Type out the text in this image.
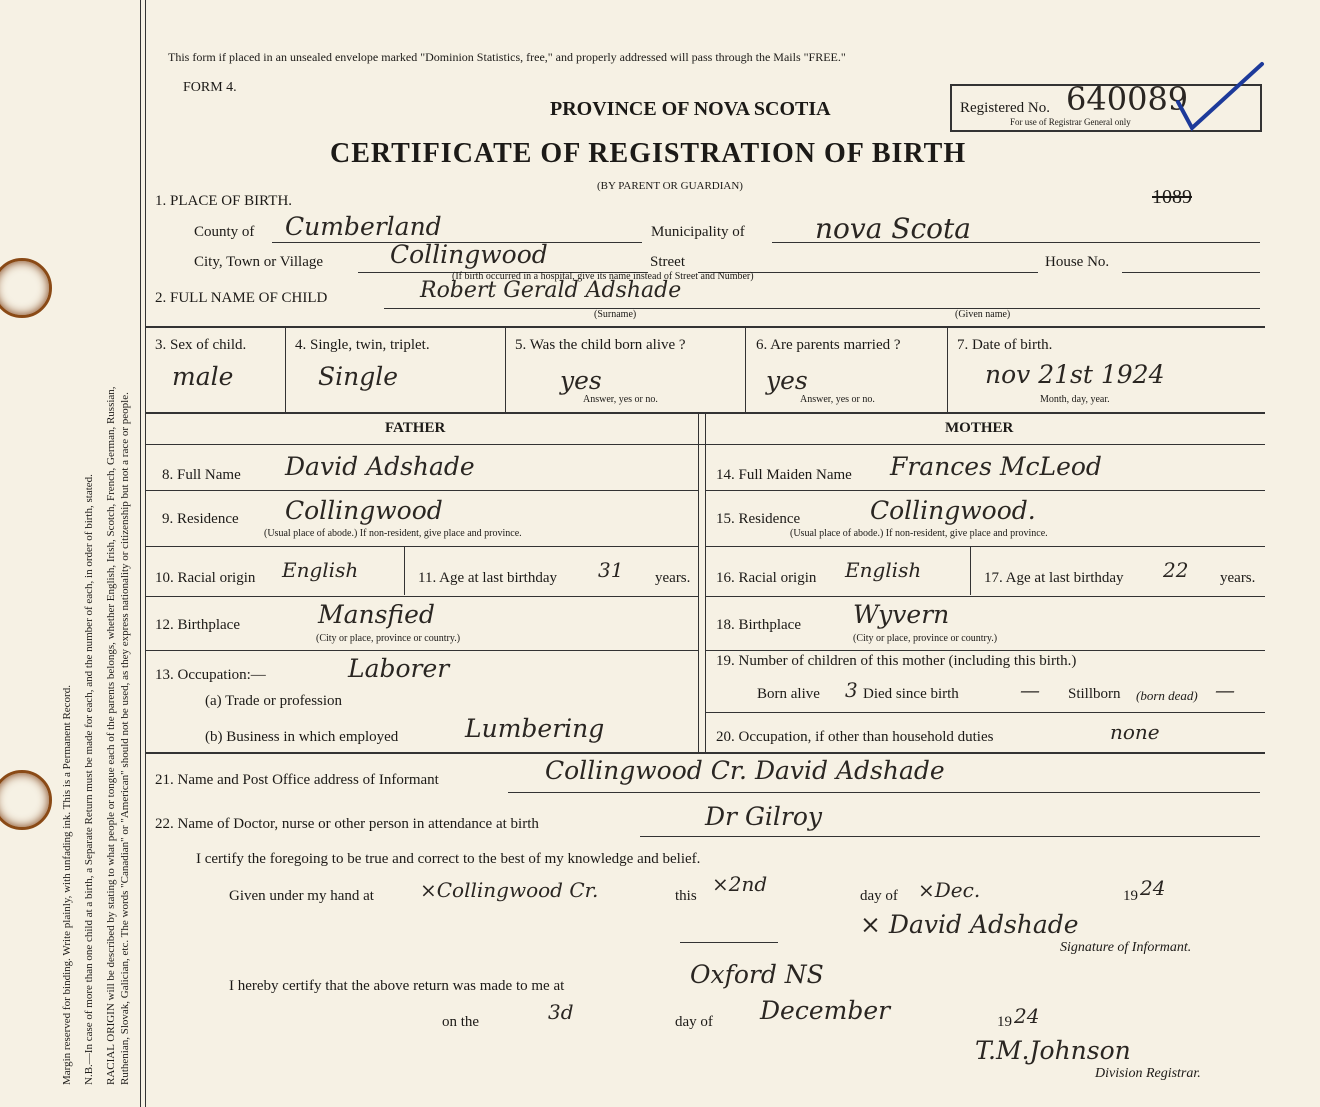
Margin reserved for binding. Write plainly, with unfading ink. This is a Permanent Record. N.B.—In case of more than one child at a birth, a Separate Return must be made for each, and the number of each, in order of birth, stated. RACIAL ORIGIN will be described by stating to what people or tongue each of the parents belongs, whether English, Irish, Scotch, French, German, Russian, Ruthenian, Slovak, Galician, etc. The words "Canadian" or "American" should not be used, as they express nationality or citizenship but not a race or people.
This form if placed in an unsealed envelope marked "Dominion Statistics, free," and properly addressed will pass through the Mails "FREE."
FORM 4.
PROVINCE OF NOVA SCOTIA
CERTIFICATE OF REGISTRATION OF BIRTH
(BY PARENT OR GUARDIAN)
Registered No. 640089
For use of Registrar General only
1089
1. PLACE OF BIRTH.
County of Cumberland	Municipality of	nova Scota
City, Town or Village	Collingwood	Street	House No.
(If birth occurred in a hospital, give its name instead of Street and Number)
2. FULL NAME OF CHILD	Robert Gerald Adshade
(Surname)	(Given name)
3. Sex of child.
male
4. Single, twin, triplet.
Single
5. Was the child born alive ?
yes
Answer, yes or no.
6. Are parents married ?
yes
Answer, yes or no.
7. Date of birth.
nov 21st 1924
Month, day, year.
FATHER	MOTHER
8. Full Name David Adshade
9. Residence Collingwood
(Usual place of abode.) If non-resident, give place and province.
10. Racial origin English	11. Age at last birthday 31 years.
12. Birthplace	Mansfied
(City or place, province or country.)
13. Occupation:—	Laborer
(a) Trade or profession
(b) Business in which employed	Lumbering
14. Full Maiden Name Frances McLeod
15. Residence	Collingwood.
(Usual place of abode.) If non-resident, give place and province.
16. Racial origin English	17. Age at last birthday 22 years.
18. Birthplace Wyvern
(City or place, province or country.)
19. Number of children of this mother (including this birth.)
Born alive 3 Died since birth	— Stillborn (born dead) —
20. Occupation, if other than household duties	none
21. Name and Post Office address of Informant	Collingwood Cr. David Adshade
22. Name of Doctor, nurse or other person in attendance at birth	Dr Gilroy
I certify the foregoing to be true and correct to the best of my knowledge and belief.
Given under my hand at ×Collingwood Cr.	this ×2nd	day of ×Dec.	19 24
× David Adshade
Signature of Informant.
I hereby certify that the above return was made to me at	Oxford NS
on the	3d	day of December	19 24
T.M.Johnson
Division Registrar.
